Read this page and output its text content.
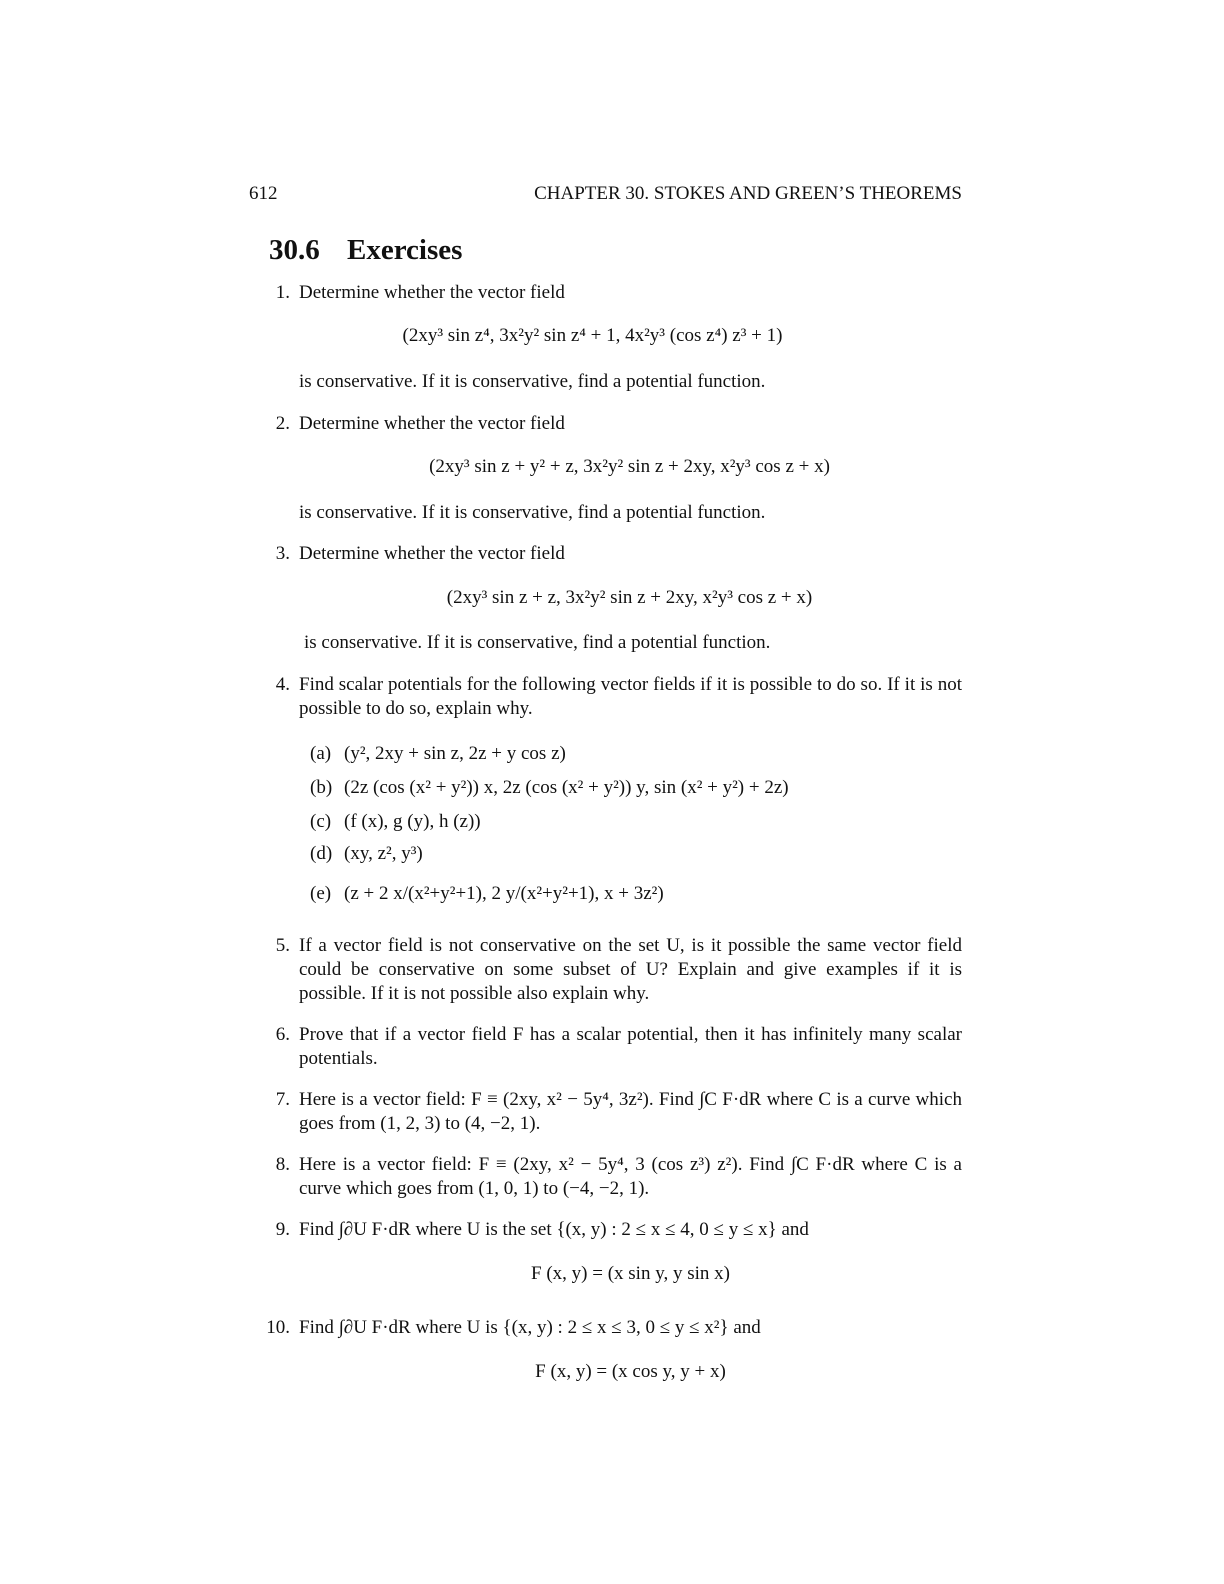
612	CHAPTER 30. STOKES AND GREEN’S THEOREMS
30.6 Exercises
1. Determine whether the vector field
(2xy³ sin z⁴, 3x²y² sin z⁴ + 1, 4x²y³ (cos z⁴) z³ + 1)
is conservative. If it is conservative, find a potential function.
2. Determine whether the vector field
(2xy³ sin z + y² + z, 3x²y² sin z + 2xy, x²y³ cos z + x)
is conservative. If it is conservative, find a potential function.
3. Determine whether the vector field
(2xy³ sin z + z, 3x²y² sin z + 2xy, x²y³ cos z + x)
is conservative. If it is conservative, find a potential function.
4. Find scalar potentials for the following vector fields if it is possible to do so. If it is not possible to do so, explain why.
(a) (y², 2xy + sin z, 2z + y cos z)
(b) (2z (cos (x² + y²)) x, 2z (cos (x² + y²)) y, sin (x² + y²) + 2z)
(c) (f (x), g (y), h (z))
(d) (xy, z², y³)
(e) (z + 2 x/(x²+y²+1), 2 y/(x²+y²+1), x + 3z²)
5. If a vector field is not conservative on the set U, is it possible the same vector field could be conservative on some subset of U? Explain and give examples if it is possible. If it is not possible also explain why.
6. Prove that if a vector field F has a scalar potential, then it has infinitely many scalar potentials.
7. Here is a vector field: F ≡ (2xy, x² − 5y⁴, 3z²). Find ∫C F·dR where C is a curve which goes from (1, 2, 3) to (4, −2, 1).
8. Here is a vector field: F ≡ (2xy, x² − 5y⁴, 3 (cos z³) z²). Find ∫C F·dR where C is a curve which goes from (1, 0, 1) to (−4, −2, 1).
9. Find ∫∂U F·dR where U is the set {(x, y) : 2 ≤ x ≤ 4, 0 ≤ y ≤ x} and
F (x, y) = (x sin y, y sin x)
10. Find ∫∂U F·dR where U is {(x, y) : 2 ≤ x ≤ 3, 0 ≤ y ≤ x²} and
F (x, y) = (x cos y, y + x)
